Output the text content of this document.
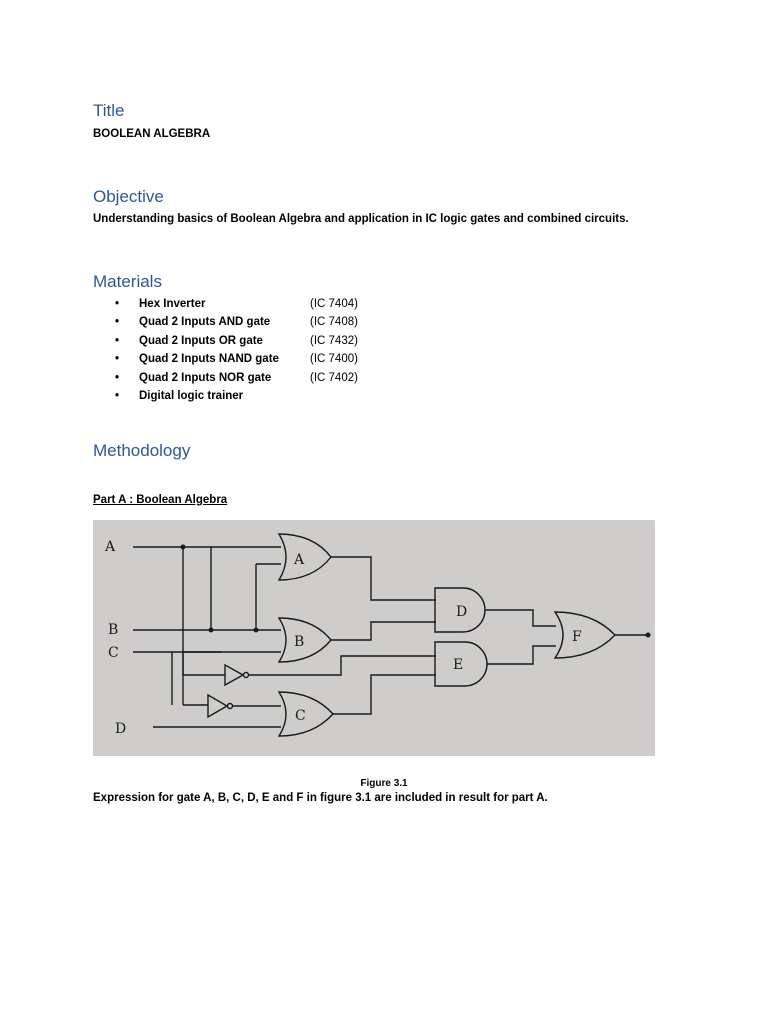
Title

BOOLEAN ALGEBRA

Objective

Understanding basics of Boolean Algebra and application in IC logic gates and combined circuits.

Materials
• Hex Inverter	(IC 7404)
• Quad 2 Inputs AND gate	(IC 7408)
• Quad 2 Inputs OR gate	(IC 7432)
• Quad 2 Inputs NAND gate	(IC 7400)
• Quad 2 Inputs NOR gate	(IC 7402)
• Digital logic trainer
Methodology

Part A : Boolean Algebra

A
B
C
D
A
B
C
D
E
F

Figure 3.1

Expression for gate A, B, C, D, E and F in figure 3.1 are included in result for part A.
